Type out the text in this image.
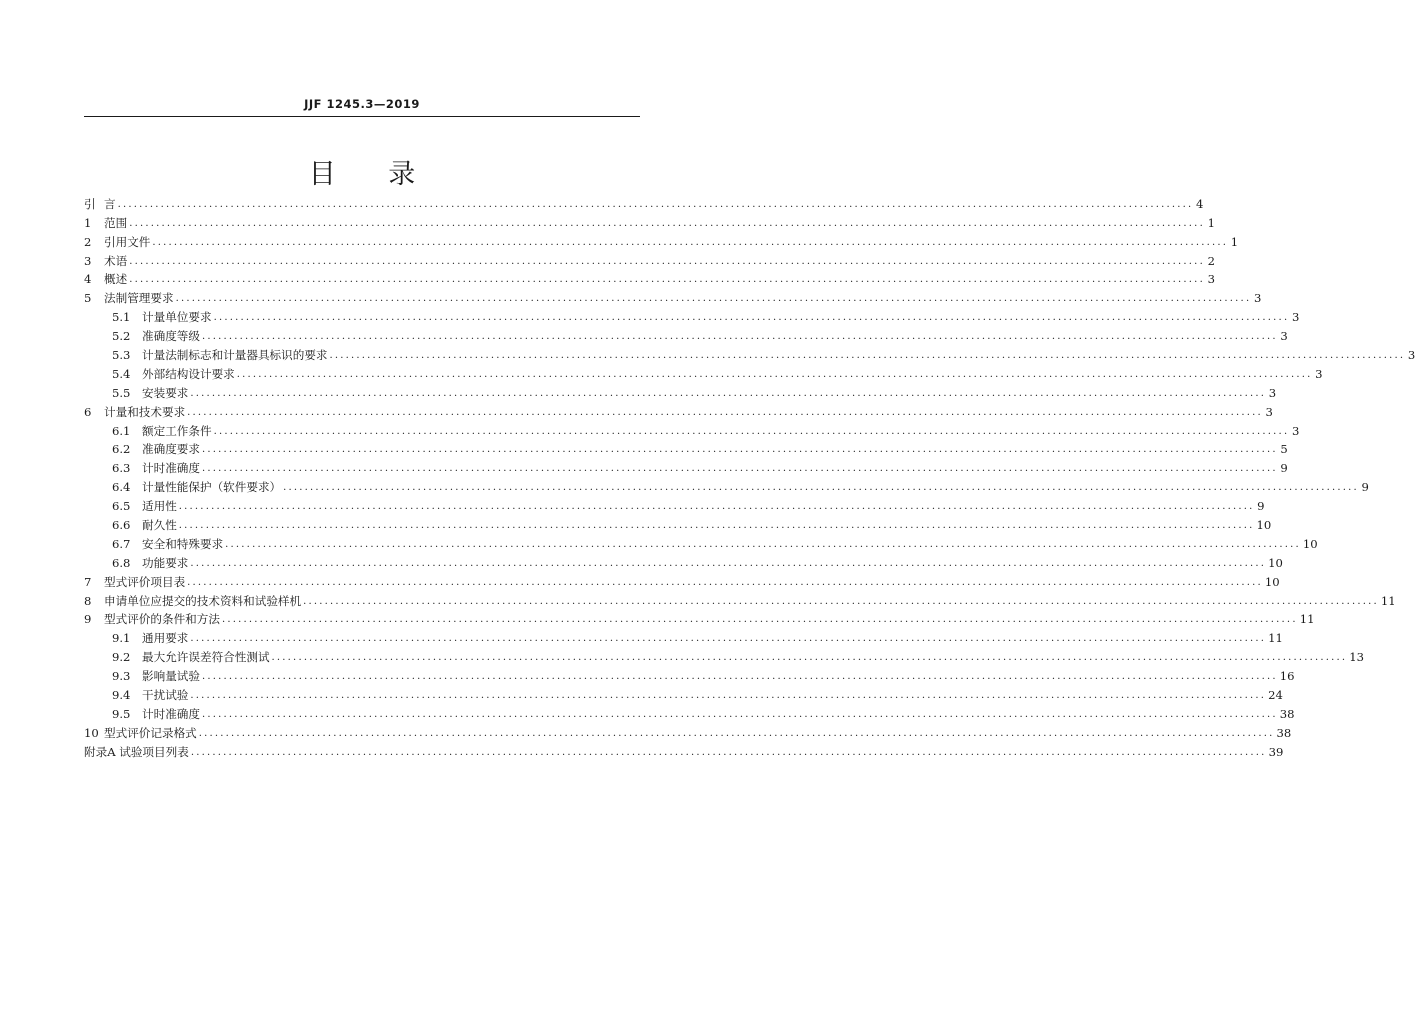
JJF 1245.3—2019
目 录
引 言 ........................................................................................................................................................................................................ 4
1	范围 ........................................................................................................................................................................................................ 1
2	引用文件 ........................................................................................................................................................................................................ 1
3	术语 ........................................................................................................................................................................................................ 2
4	概述 ........................................................................................................................................................................................................ 3
5	法制管理要求 ........................................................................................................................................................................................................ 3
5.1 计量单位要求 ........................................................................................................................................................................................................ 3
5.2 准确度等级 ........................................................................................................................................................................................................ 3
5.3 计量法制标志和计量器具标识的要求 ........................................................................................................................................................................................................ 3
5.4 外部结构设计要求 ........................................................................................................................................................................................................ 3
5.5 安装要求 ........................................................................................................................................................................................................ 3
6	计量和技术要求 ........................................................................................................................................................................................................ 3
6.1 额定工作条件 ........................................................................................................................................................................................................ 3
6.2 准确度要求 ........................................................................................................................................................................................................ 5
6.3 计时准确度 ........................................................................................................................................................................................................ 9
6.4 计量性能保护（软件要求） ........................................................................................................................................................................................................ 9
6.5 适用性 ........................................................................................................................................................................................................ 9
6.6 耐久性 ........................................................................................................................................................................................................ 10
6.7 安全和特殊要求 ........................................................................................................................................................................................................ 10
6.8 功能要求 ........................................................................................................................................................................................................ 10
7	型式评价项目表 ........................................................................................................................................................................................................ 10
8	申请单位应提交的技术资料和试验样机 ........................................................................................................................................................................................................ 11
9	型式评价的条件和方法 ........................................................................................................................................................................................................ 11
9.1 通用要求 ........................................................................................................................................................................................................ 11
9.2 最大允许误差符合性测试 ........................................................................................................................................................................................................ 13
9.3 影响量试验 ........................................................................................................................................................................................................ 16
9.4 干扰试验 ........................................................................................................................................................................................................ 24
9.5 计时准确度 ........................................................................................................................................................................................................ 38
10 型式评价记录格式 ........................................................................................................................................................................................................ 38
附录A 试验项目列表 ........................................................................................................................................................................................................ 39
